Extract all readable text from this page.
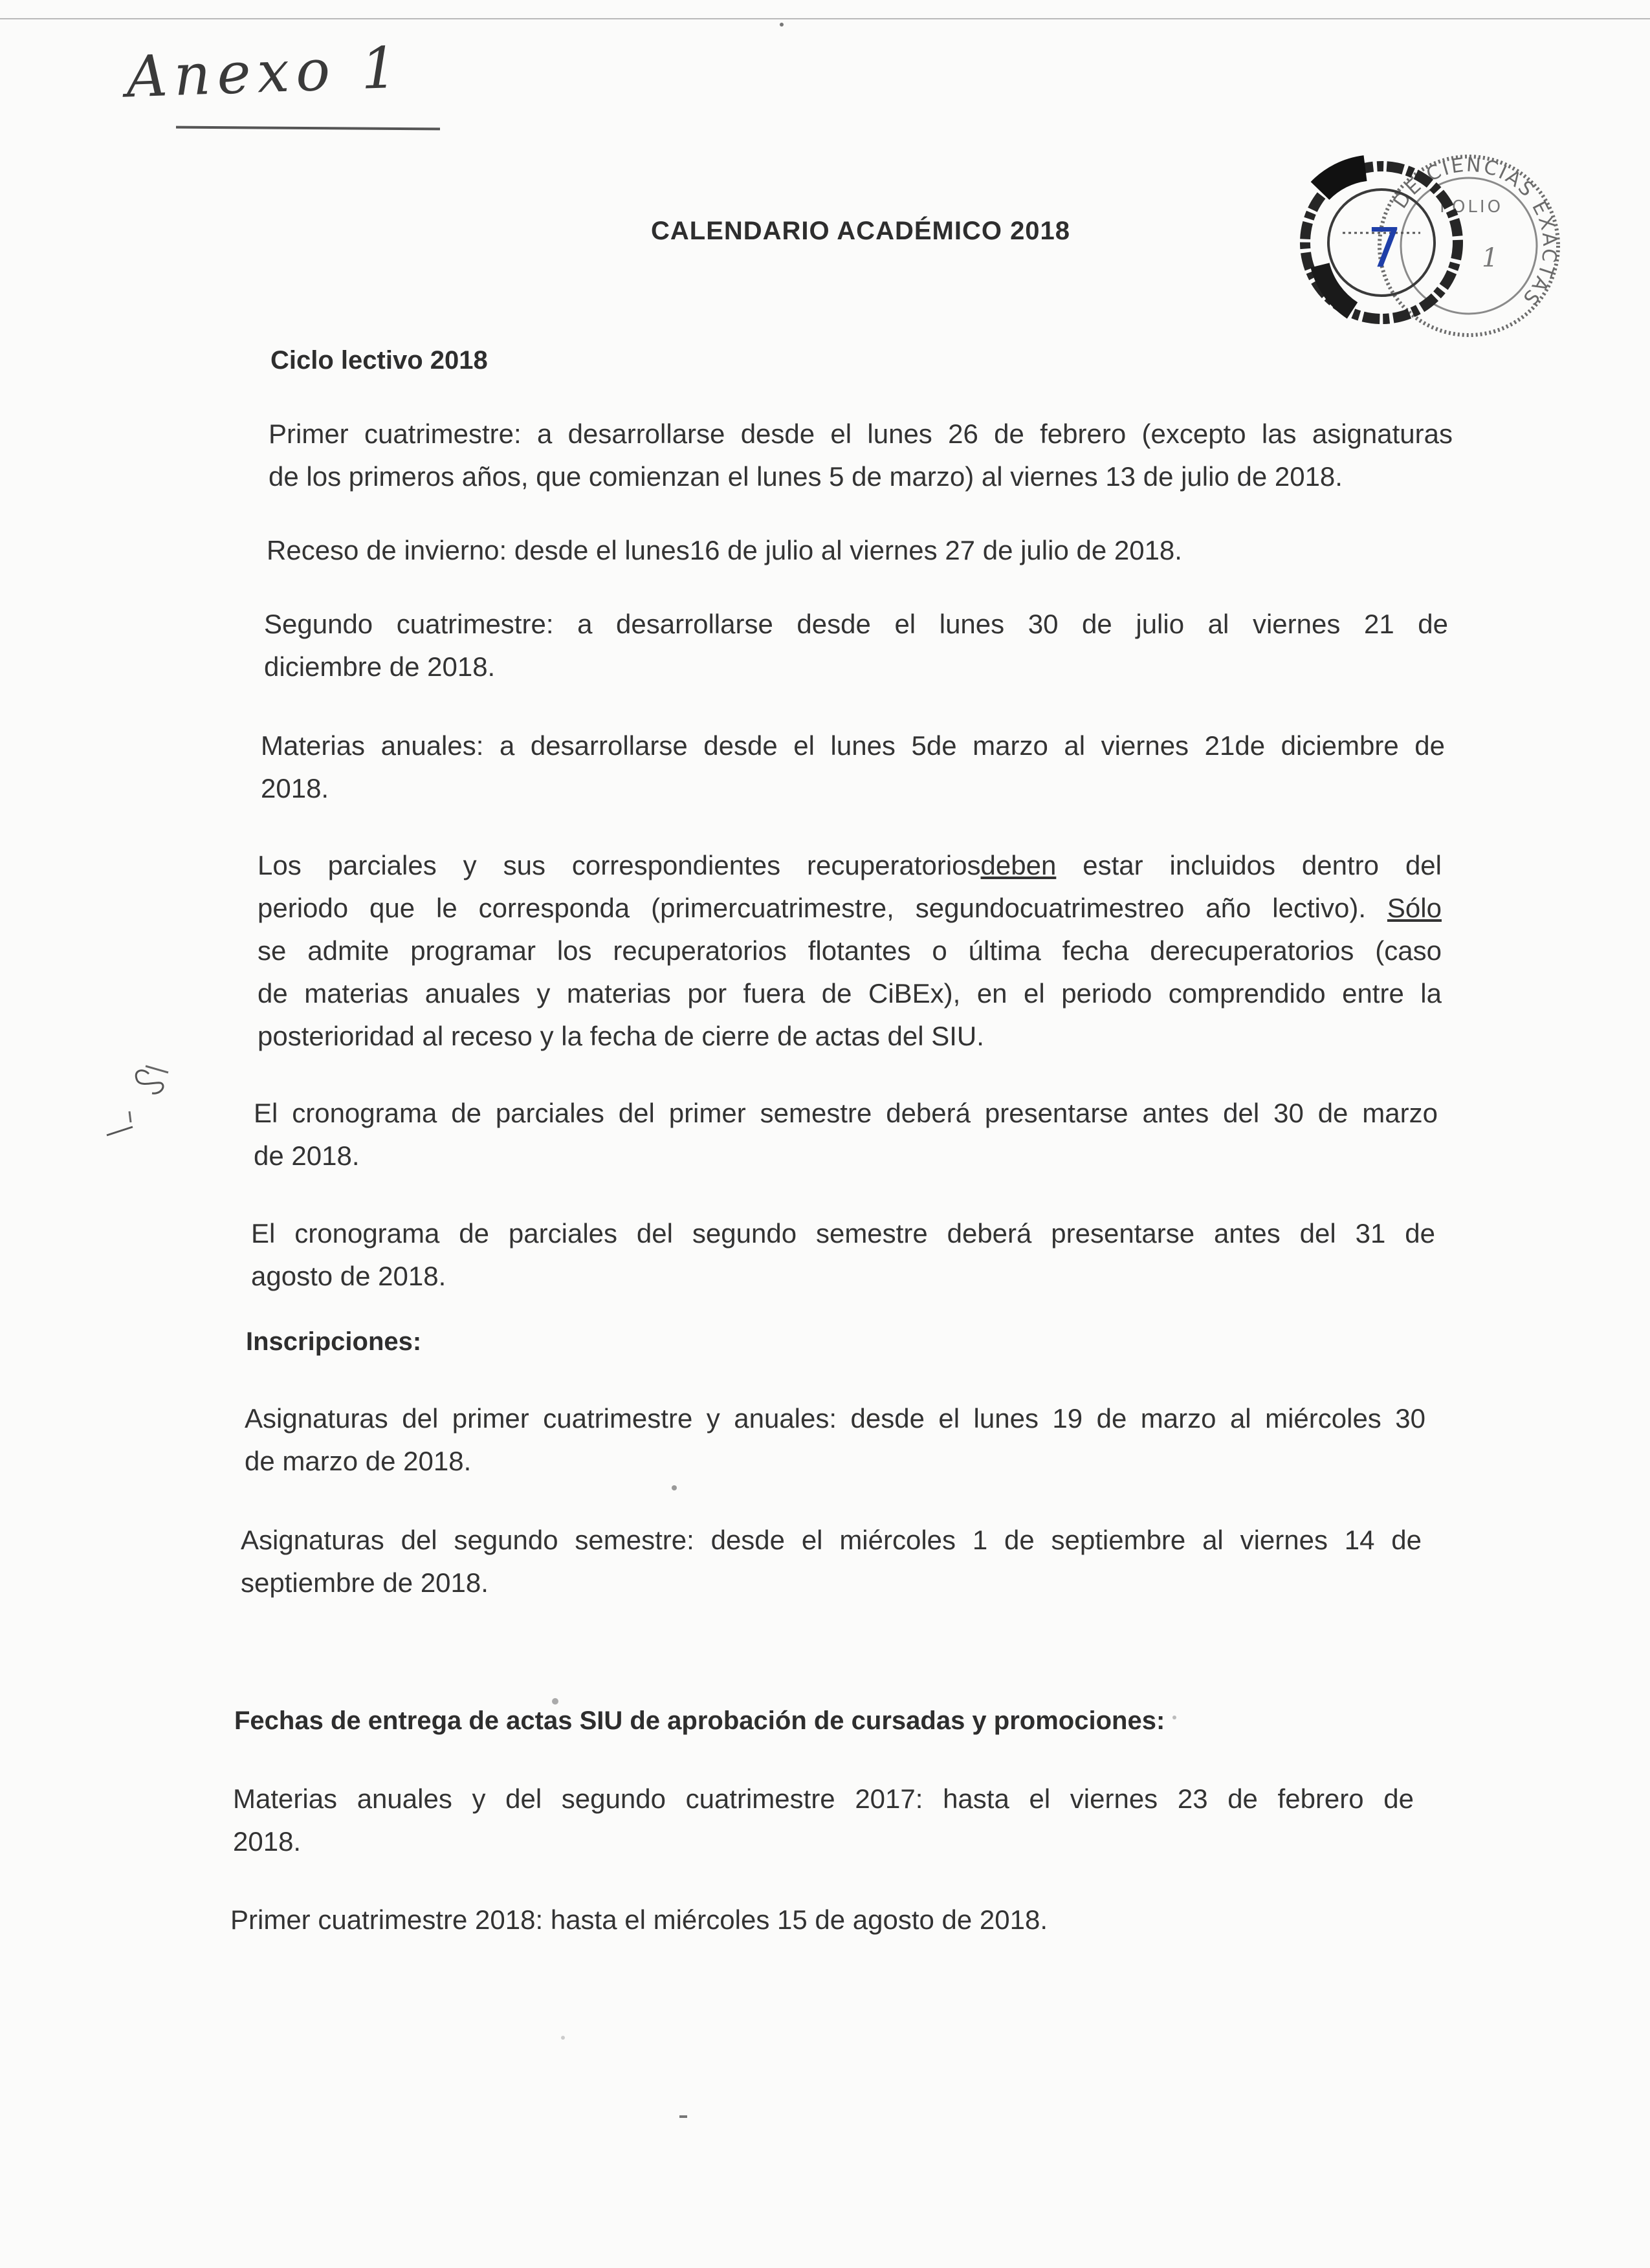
Anexo 1
DE CIENCIAS EXACTAS
FOLIO
1
7
CALENDARIO ACADÉMICO 2018
Ciclo lectivo 2018

Primer cuatrimestre: a desarrollarse desde el lunes 26 de febrero (excepto las asignaturas

de los primeros años, que comienzan el lunes 5 de marzo) al viernes 13 de julio de 2018.

Receso de invierno: desde el lunes16 de julio al viernes 27 de julio de 2018.

Segundo cuatrimestre: a desarrollarse desde el lunes 30 de julio al viernes 21 de

diciembre de 2018.

Materias anuales: a desarrollarse desde el lunes 5de marzo al viernes 21de diciembre de

2018.

Los parciales y sus correspondientes recuperatoriosdeben estar incluidos dentro del

periodo que le corresponda (primercuatrimestre, segundocuatrimestreo año lectivo). Sólo

se admite programar los recuperatorios flotantes o última fecha derecuperatorios (caso

de materias anuales y materias por fuera de CiBEx), en el periodo comprendido entre la

posterioridad al receso y la fecha de cierre de actas del SIU.

El cronograma de parciales del primer semestre deberá presentarse antes del 30 de marzo

de 2018.

El cronograma de parciales del segundo semestre deberá presentarse antes del 31 de

agosto de 2018.

Inscripciones:

Asignaturas del primer cuatrimestre y anuales: desde el lunes 19 de marzo al miércoles 30

de marzo de 2018.

Asignaturas del segundo semestre: desde el miércoles 1 de septiembre al viernes 14 de

septiembre de 2018.

Fechas de entrega de actas SIU de aprobación de cursadas y promociones:

Materias anuales y del segundo cuatrimestre 2017: hasta el viernes 23 de febrero de

2018.

Primer cuatrimestre 2018: hasta el miércoles 15 de agosto de 2018.
